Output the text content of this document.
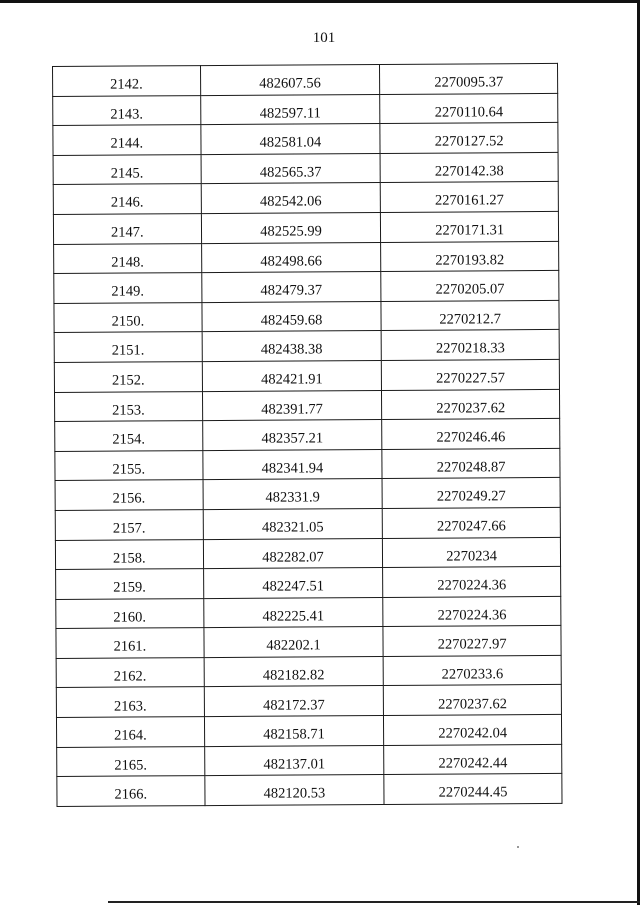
101
2142.	482607.56	2270095.37
2143.	482597.11	2270110.64
2144.	482581.04	2270127.52
2145.	482565.37	2270142.38
2146.	482542.06	2270161.27
2147.	482525.99	2270171.31
2148.	482498.66	2270193.82
2149.	482479.37	2270205.07
2150.	482459.68	2270212.7
2151.	482438.38	2270218.33
2152.	482421.91	2270227.57
2153.	482391.77	2270237.62
2154.	482357.21	2270246.46
2155.	482341.94	2270248.87
2156.	482331.9	2270249.27
2157.	482321.05	2270247.66
2158.	482282.07	2270234
2159.	482247.51	2270224.36
2160.	482225.41	2270224.36
2161.	482202.1	2270227.97
2162.	482182.82	2270233.6
2163.	482172.37	2270237.62
2164.	482158.71	2270242.04
2165.	482137.01	2270242.44
2166.	482120.53	2270244.45
